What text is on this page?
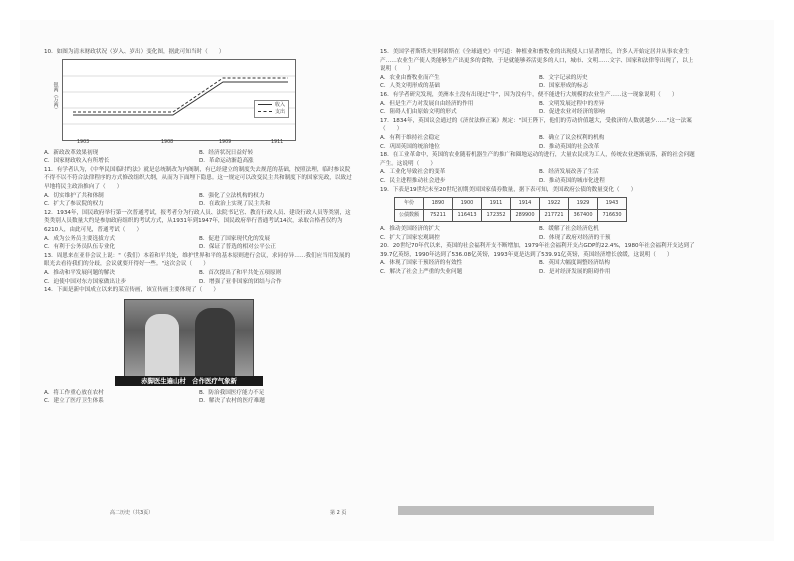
10．如图为清末财政状况（岁入、岁出）变化图，据此可知当时（　　）

银两（万两）
1903	1908	1909	1911
收入
支出
A．新政改革效果初现	B．经济状况日益好转
C．国家财政收入有所增长	D．革命运动渐趋高涨

11．有学者认为，《中华民国临时约法》就是总统制改为内阁制，有已经建立的制度失去规范的基础，按照法理，临时参议院不得不以不符合法律程序的方式修改组织大纲，从而为下面埋下隐患。这一规定可以改变民主共和制度下的国家宪政，以致过早地将民主政治推向了（　　）

A．切实维护了共和体制	B．强化了立法机构的权力
C．扩大了参议院的权力	D．在政治上实现了民主共和

12．1934年，国民政府举行第一次普通考试，报考者分为行政人员、法院书记官、教育行政人员、建设行政人员等类别，这类类别人员数量大约是参加政府组织的考试方式，从1931年到1947年，国民政府举行普通考试14次，录取合格者仅约为6210人，由此可见，普通考试（　　）

A．成为公务员主要选拔方式	B．促进了国家现代化的发展
C．有利于公务员队伍专业化	D．保证了普选的相对公平公正

13．周恩来在亚非会议上说："（我们）本着和平共处，维护世界和平的基本原则进行会议，求同存异……我们应当用发展的眼光去看待我们的分歧，会议就要开得好一些。"这次会议（　　）

A．推动和平发展问题的解决	B．首次提出了和平共处五项原则
C．迫使中国对东方国家做出让步	D．增强了亚非国家的团结与合作

14．下面是新中国成立以来的某宣传画，该宣传画主要体现了（　　）

赤脚医生遍山村　合作医疗气象新
A．将工作重心放在农村	B．防治我国医疗能力不足
C．建立了医疗卫生体系	D．解决了农村的医疗难题

15．美国学者斯塔夫里阿诺斯在《全球通史》中写道：种植业和畜牧业的出现使人口显著增长，许多人开始定居并从事农业生产……农业生产使人类能够生产出更多的食物，于是就能够养活更多的人口，城市、文明……文字、国家和法律等出现了，以上说明（　　）

A．农业由畜牧业而产生	B．文字记录的历史
C．人类文明形成的基础	D．国家形成的标志

16．有学者研究发现，美洲本土没有出现过"牛"，因为没有牛，便不能进行大规模的农业生产……这一现象说明（　　）

A．但是生产力对发展自由经济的作用	B．文明发展过程中的差异
C．阻碍人们由原始文明的形式	D．促进农业对经济的影响

17．1834年，英国议会通过的《济贫法修正案》规定："国王陛下，他们的劳动价值越大，受救济的人数就越少……"这一法案（　　）

A．有利于维持社会稳定	B．确立了议会权利的机构
C．巩固英国的统治地位	D．推动英国的社会改革

18．在工业革命中，英国的农业随着机器生产的推广和圈地运动的进行，大量农民成为工人，传统农业逐渐衰落，新的社会问题产生。这说明（　　）

A．工业化导致社会的变革	B．经济发展改善了生活
C．民主进程推动社会进步	D．推动英国的城市化进程

19．下表是19世纪末至20世纪初期美国国家债券数量，据下表可知，美国政府公债的数量变化（　　）

年份	1890	1900	1911	1914	1922	1929	1943
公债数额	75211	116413	172352	289900	217721	367400	716630
A．推动美国经济的扩大	B．缓解了社会经济危机
C．扩大了国家宏观调控	D．体现了政府对经济的干预

20．20世纪70年代以来，英国的社会福利开支不断增加，1979年社会福利开支占GDP的22.4%，1980年社会福利开支达到了39.7亿英镑，1990年达到了536.08亿英镑，1993年更是达到了539.91亿英镑，英国经济增长放缓，这说明（　　）

A．体现了国家干预经济的有效性	B．英国大幅度调整经济结构
C．解决了社会上严重的失业问题	D．是对经济发展的阻碍作用
高二历史（共3页）	第 2 页
